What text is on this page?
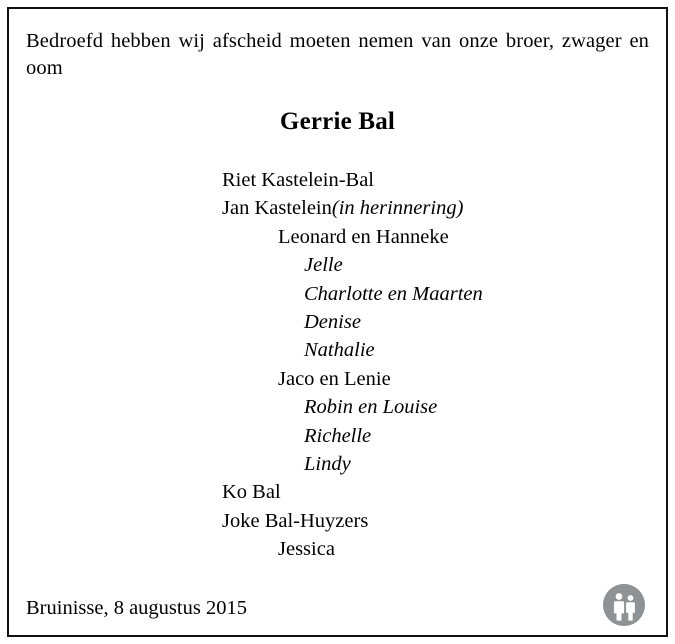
Bedroefd hebben wij afscheid moeten nemen van onze broer, zwager en oom

Gerrie Bal
Riet Kastelein-Bal
Jan Kastelein(in herinnering)
Leonard en Hanneke
Jelle
Charlotte en Maarten
Denise
Nathalie
Jaco en Lenie
Robin en Louise
Richelle
Lindy
Ko Bal
Joke Bal-Huyzers
Jessica
Bruinisse, 8 augustus 2015
